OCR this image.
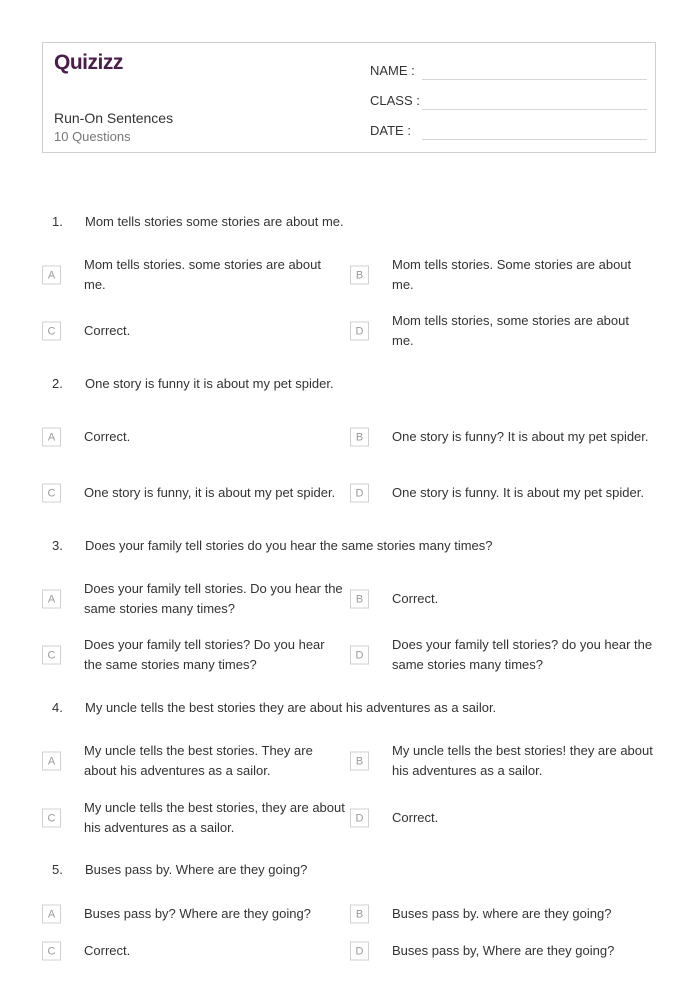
Quizizz
Run-On Sentences
10 Questions
NAME :
CLASS :
DATE :
1. Mom tells stories some stories are about me.
A
Mom tells stories. some stories are about me.
B
Mom tells stories. Some stories are about me.
C	Correct.	D
Mom tells stories, some stories are about me.
2. One story is funny it is about my pet spider.
A	Correct.	B	One story is funny? It is about my pet spider.
C	One story is funny, it is about my pet spider.	D	One story is funny. It is about my pet spider.
3. Does your family tell stories do you hear the same stories many times?
A
Does your family tell stories. Do you hear the same stories many times?
B	Correct.
C
Does your family tell stories? Do you hear the same stories many times?
D
Does your family tell stories? do you hear the same stories many times?
4. My uncle tells the best stories they are about his adventures as a sailor.
A
My uncle tells the best stories. They are about his adventures as a sailor.
B
My uncle tells the best stories! they are about his adventures as a sailor.
C
My uncle tells the best stories, they are about his adventures as a sailor.
D	Correct.
5. Buses pass by. Where are they going?
A	Buses pass by? Where are they going?	B	Buses pass by. where are they going?
C	Correct.	D	Buses pass by, Where are they going?
